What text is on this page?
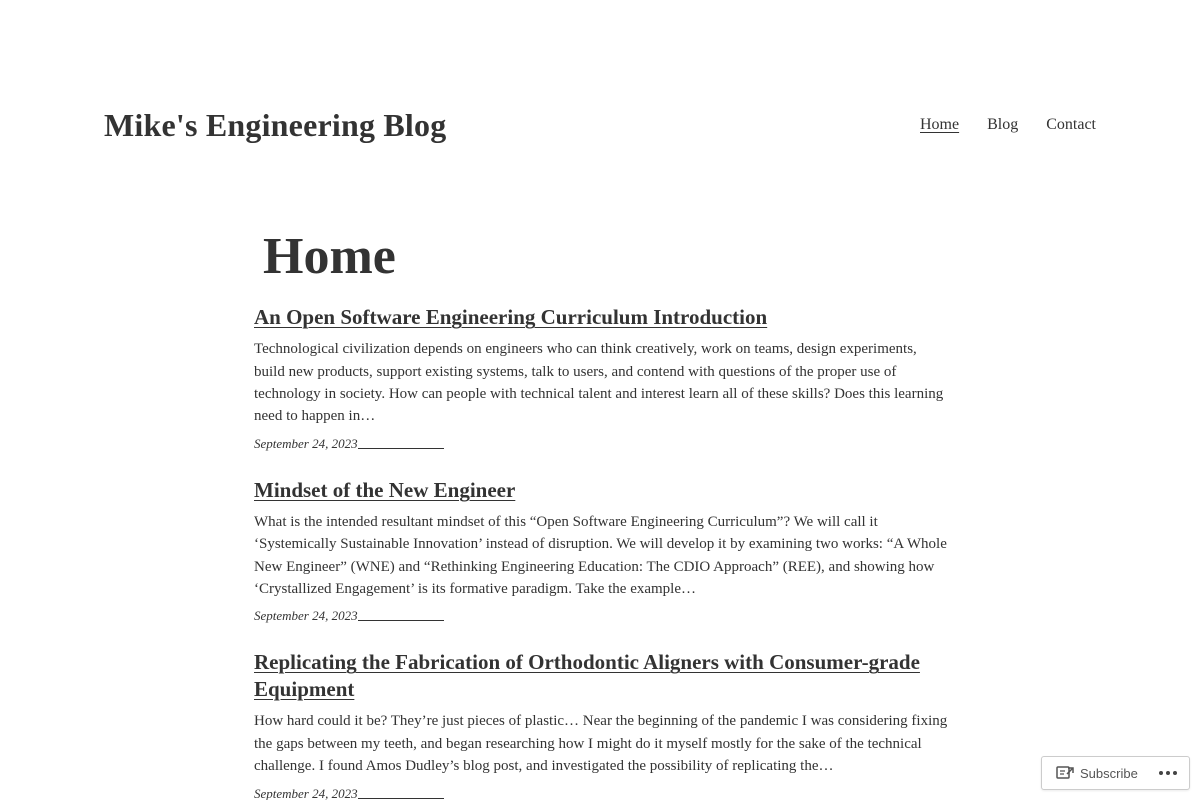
Mike's Engineering Blog	Home Blog Contact
Home
An Open Software Engineering Curriculum Introduction

Technological civilization depends on engineers who can think creatively, work on teams, design experiments, build new products, support existing systems, talk to users, and contend with questions of the proper use of technology in society. How can people with technical talent and interest learn all of these skills? Does this learning need to happen in…

September 24, 2023
Mindset of the New Engineer

What is the intended resultant mindset of this “Open Software Engineering Curriculum”? We will call it ‘Systemically Sustainable Innovation’ instead of disruption. We will develop it by examining two works: “A Whole New Engineer” (WNE) and “Rethinking Engineering Education: The CDIO Approach” (REE), and showing how ‘Crystallized Engagement’ is its formative paradigm. Take the example…

September 24, 2023
Replicating the Fabrication of Orthodontic Aligners with Consumer-grade Equipment

How hard could it be? They’re just pieces of plastic… Near the beginning of the pandemic I was considering fixing the gaps between my teeth, and began researching how I might do it myself mostly for the sake of the technical challenge. I found Amos Dudley’s blog post, and investigated the possibility of replicating the…

September 24, 2023
Subscribe
